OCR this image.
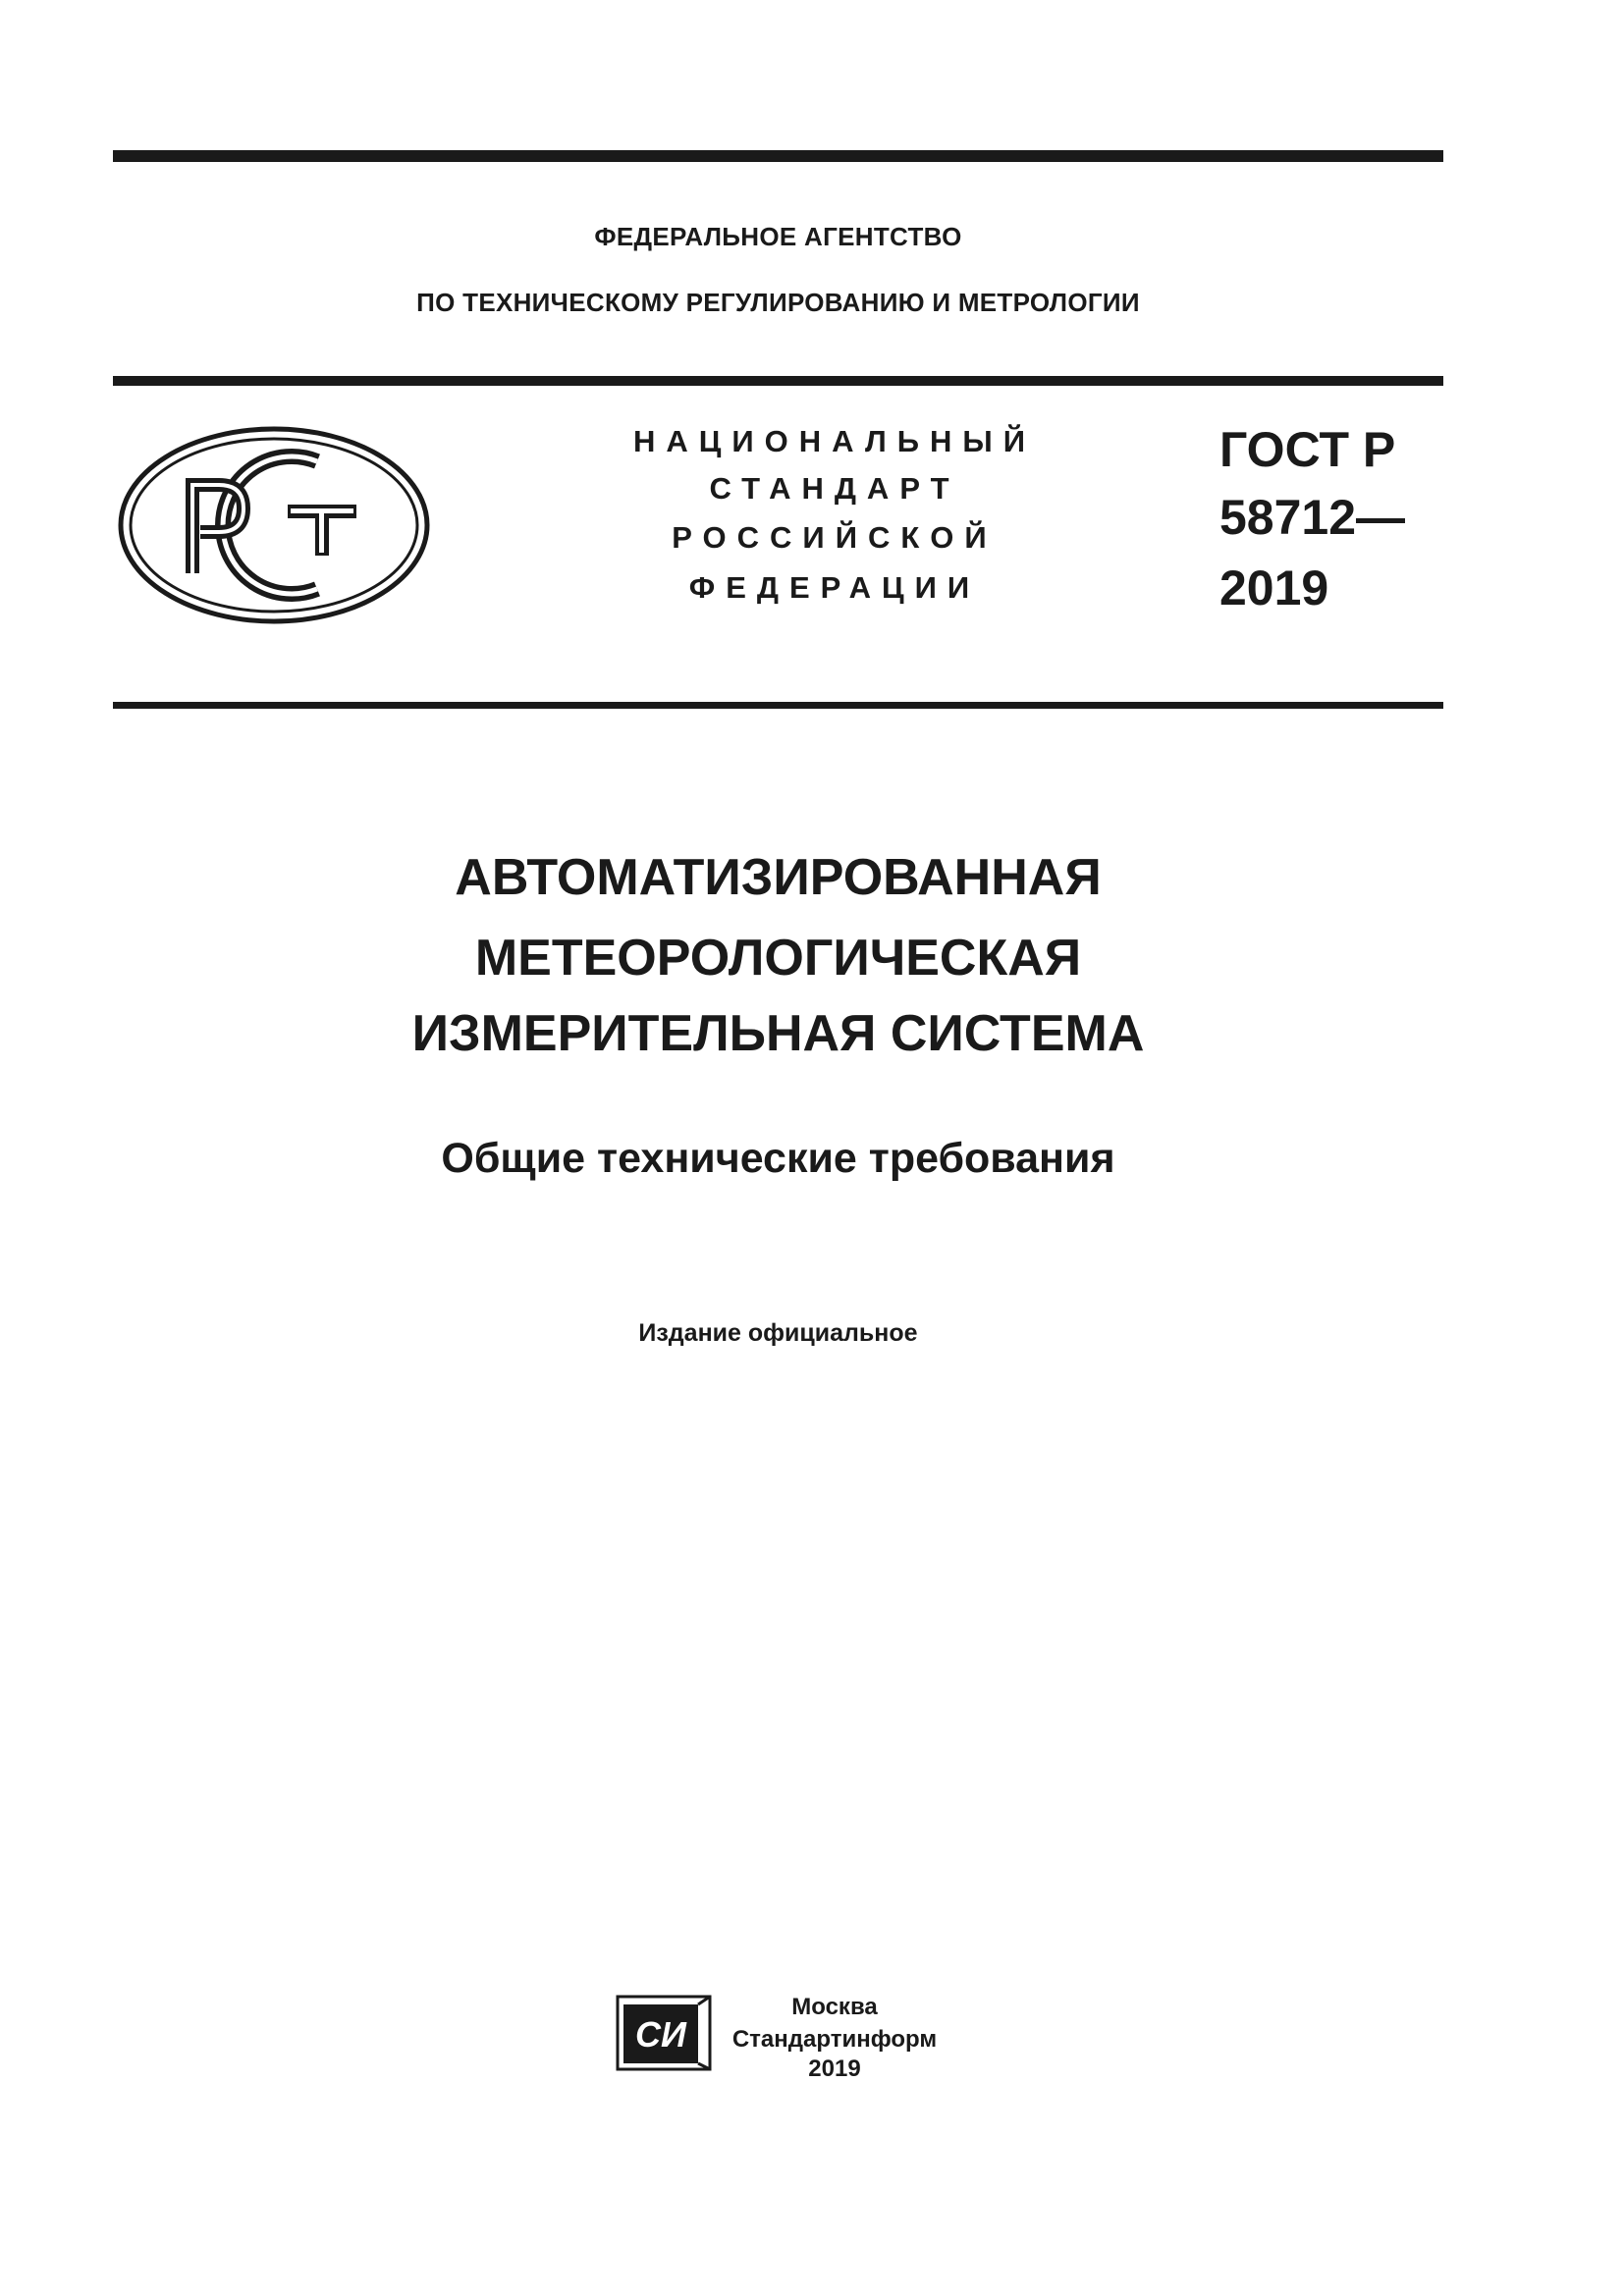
ФЕДЕРАЛЬНОЕ АГЕНТСТВО
ПО ТЕХНИЧЕСКОМУ РЕГУЛИРОВАНИЮ И МЕТРОЛОГИИ
НАЦИОНАЛЬНЫЙ
СТАНДАРТ
РОССИЙСКОЙ
ФЕДЕРАЦИИ
ГОСТ Р
58712—
2019
АВТОМАТИЗИРОВАННАЯ
МЕТЕОРОЛОГИЧЕСКАЯ
ИЗМЕРИТЕЛЬНАЯ СИСТЕМА
Общие технические требования
Издание официальное
СИ
Москва
Стандартинформ
2019
